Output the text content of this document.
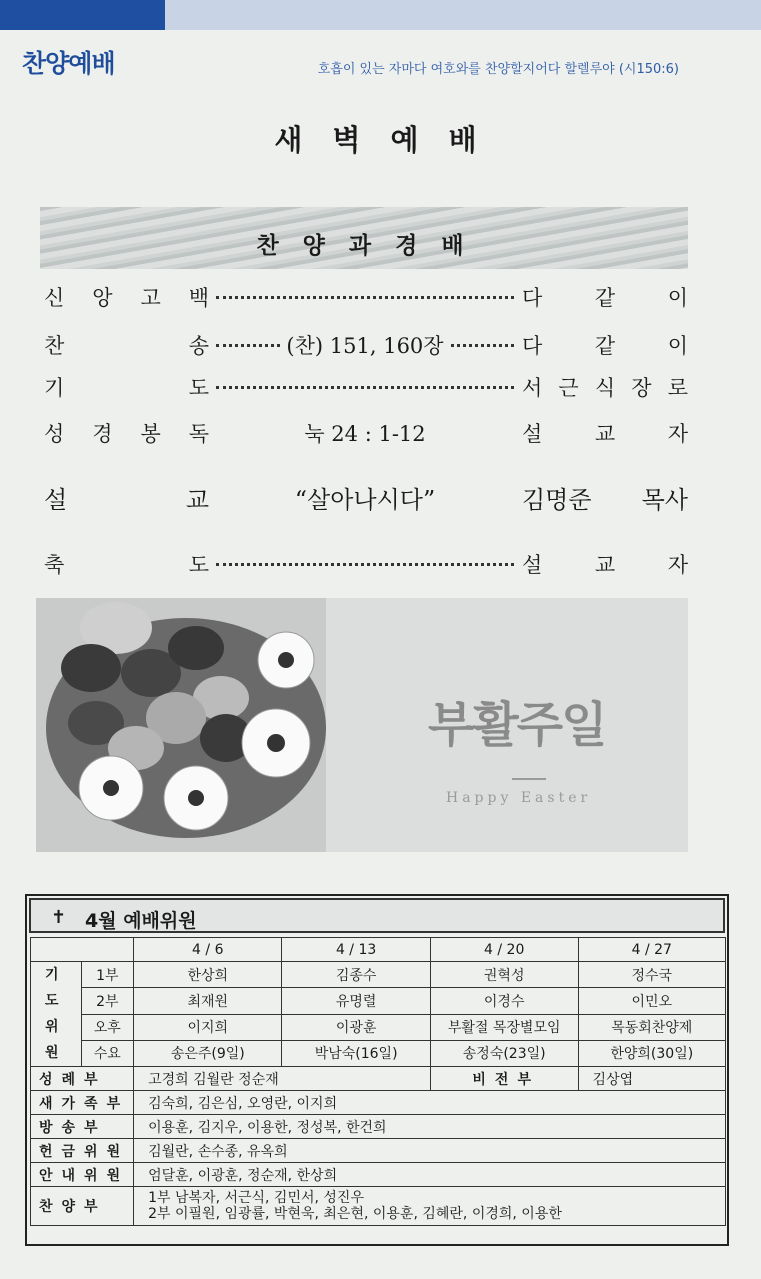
찬양예배	호흡이 있는 자마다 여호와를 찬양할지어다 할렐루야 (시150:6)
새 벽 예 배
찬 양 과 경 배
신 앙 고 백	다	같	이
찬	송	(찬) 151, 160장	다	같	이
기	도	서 근 식 장 로
성 경 봉 독	눅 24 : 1-12	설	교	자
설	교	“살아나시다”	김명준 목사
축	도	설	교	자
부활주일
Happy Easter
✝ 4월 예배위원
		4 / 6	4 / 13	4 / 20	4 / 27
기 도 위 원	1부	한상희	김종수	권혁성	정수국
	2부	최재원	유명렬	이경수	이민오
	오후	이지희	이광훈	부활절 목장별모임	목동회찬양제
	수요	송은주(9일)	박남숙(16일)	송정숙(23일)	한양희(30일)
성례부		고경희 김월란 정순재		비전부	김상엽
새가족부		김숙희, 김은심, 오영란, 이지희			
방송부		이용훈, 김지우, 이용한, 정성복, 한건희			
헌금위원		김월란, 손수종, 유옥희			
안내위원		엄달훈, 이광훈, 정순재, 한상희			
찬양부		1부 남복자, 서근식, 김민서, 성진우
2부 이필원, 임광률, 박현욱, 최은현, 이용훈, 김혜란, 이경희, 이용한			
